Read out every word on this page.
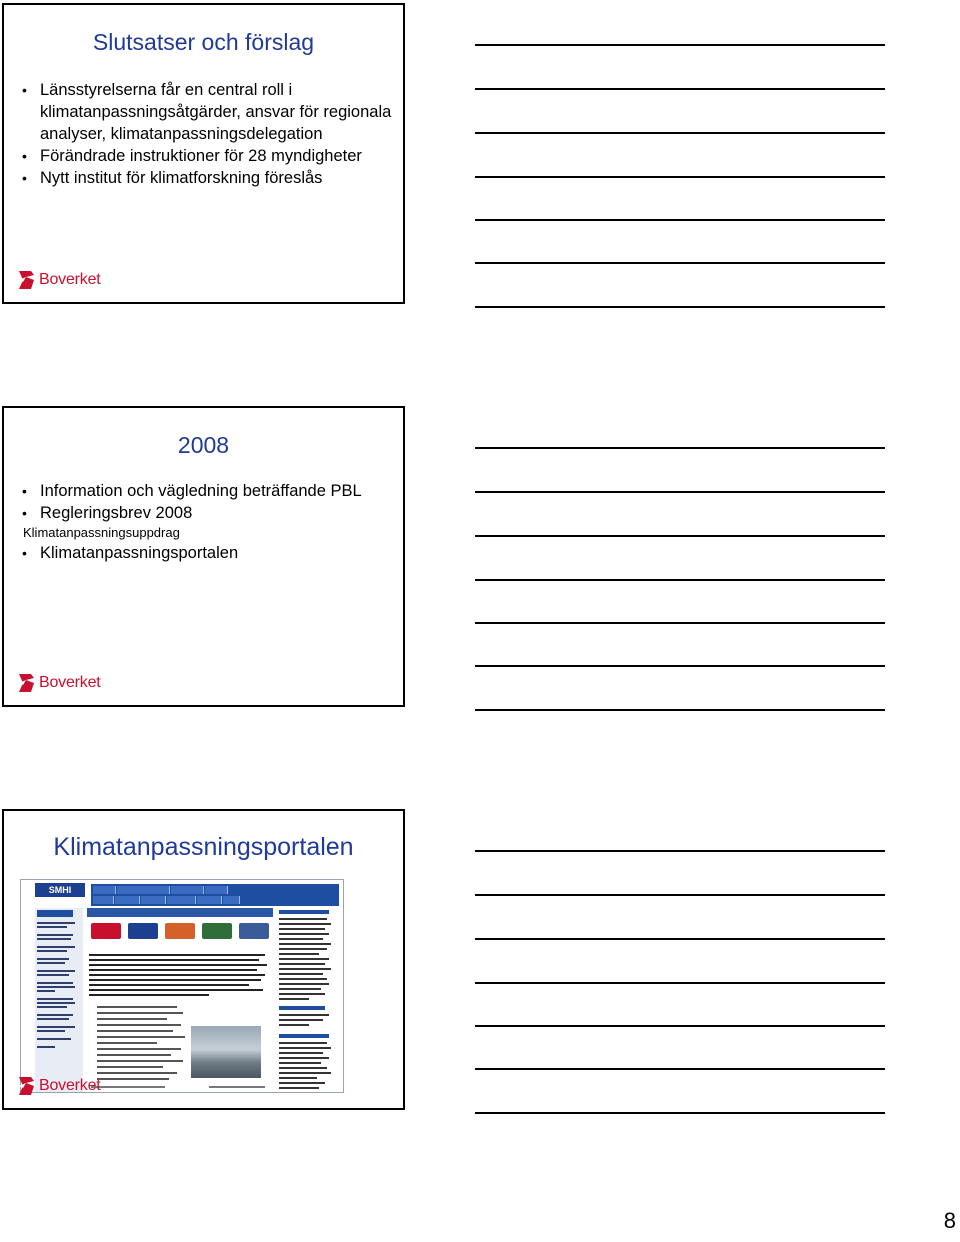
Slutsatser och förslag
• Länsstyrelserna får en central roll i klimatanpassningsåtgärder, ansvar för regionala analyser, klimatanpassningsdelegation
• Förändrade instruktioner för 28 myndigheter
• Nytt institut för klimatforskning föreslås
Boverket
2008
• Information och vägledning beträffande PBL
• Regleringsbrev 2008
Klimatanpassningsuppdrag
• Klimatanpassningsportalen
Boverket
Klimatanpassningsportalen
SMHI
Boverket
8
